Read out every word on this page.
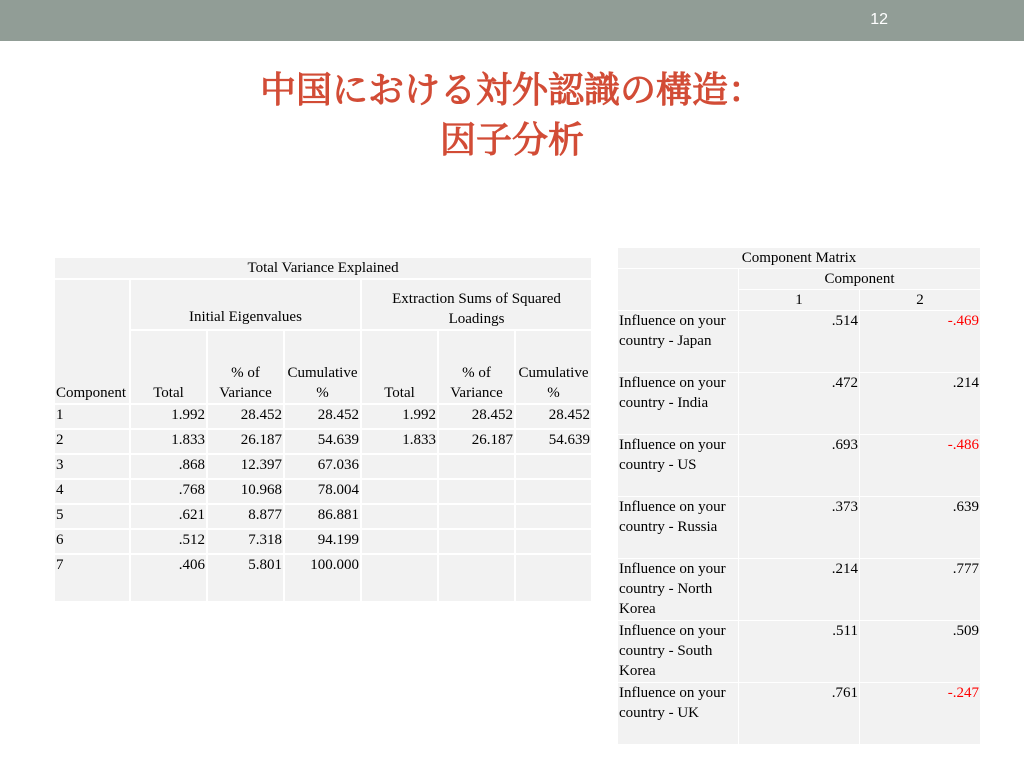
12
中国における対外認識の構造：
因子分析
Total Variance Explained						
Component	Initial Eigenvalues			Extraction Sums of Squared Loadings		
	Total	% of Variance	Cumulative %	Total	% of Variance	Cumulative %
1	1.992	28.452	28.452	1.992	28.452	28.452
2	1.833	26.187	54.639	1.833	26.187	54.639
3	.868	12.397	67.036			
4	.768	10.968	78.004			
5	.621	8.877	86.881			
6	.512	7.318	94.199			
7	.406	5.801	100.000			
Component Matrix		
	Component	
	1	2
Influence on your country - Japan	.514	-.469
Influence on your country - India	.472	.214
Influence on your country - US	.693	-.486
Influence on your country - Russia	.373	.639
Influence on your country - North Korea	.214	.777
Influence on your country - South Korea	.511	.509
Influence on your country - UK	.761	-.247
